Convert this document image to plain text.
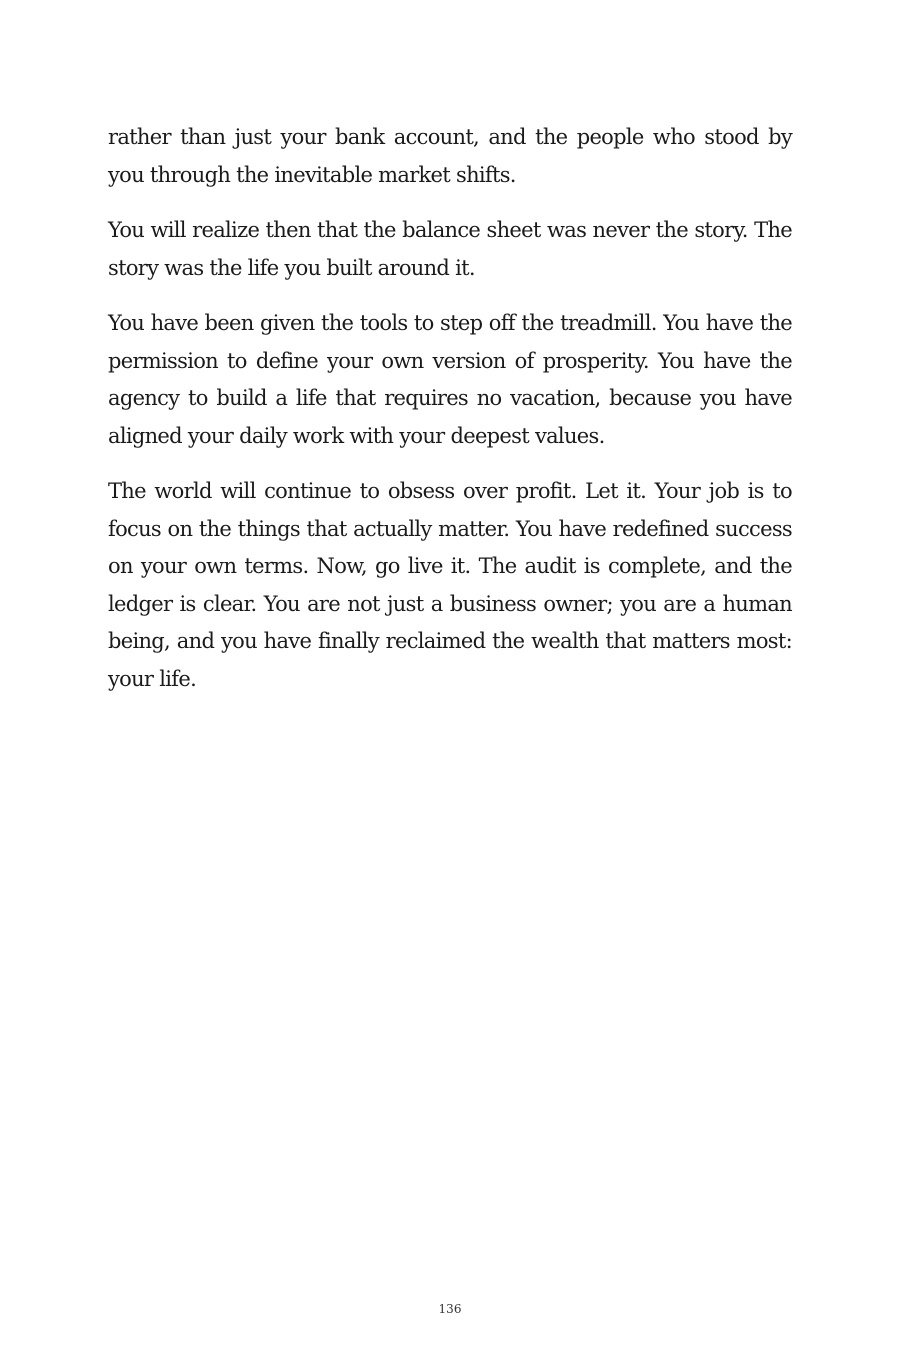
rather than just your bank account, and the people who stood by you through the inevitable market shifts.

You will realize then that the balance sheet was never the story. The story was the life you built around it.

You have been given the tools to step off the treadmill. You have the permission to define your own version of prosperity. You have the agency to build a life that requires no vacation, because you have aligned your daily work with your deepest values.

The world will continue to obsess over profit. Let it. Your job is to focus on the things that actually matter. You have redefined success on your own terms. Now, go live it. The audit is complete, and the ledger is clear. You are not just a business owner; you are a human being, and you have finally reclaimed the wealth that matters most: your life.

136
